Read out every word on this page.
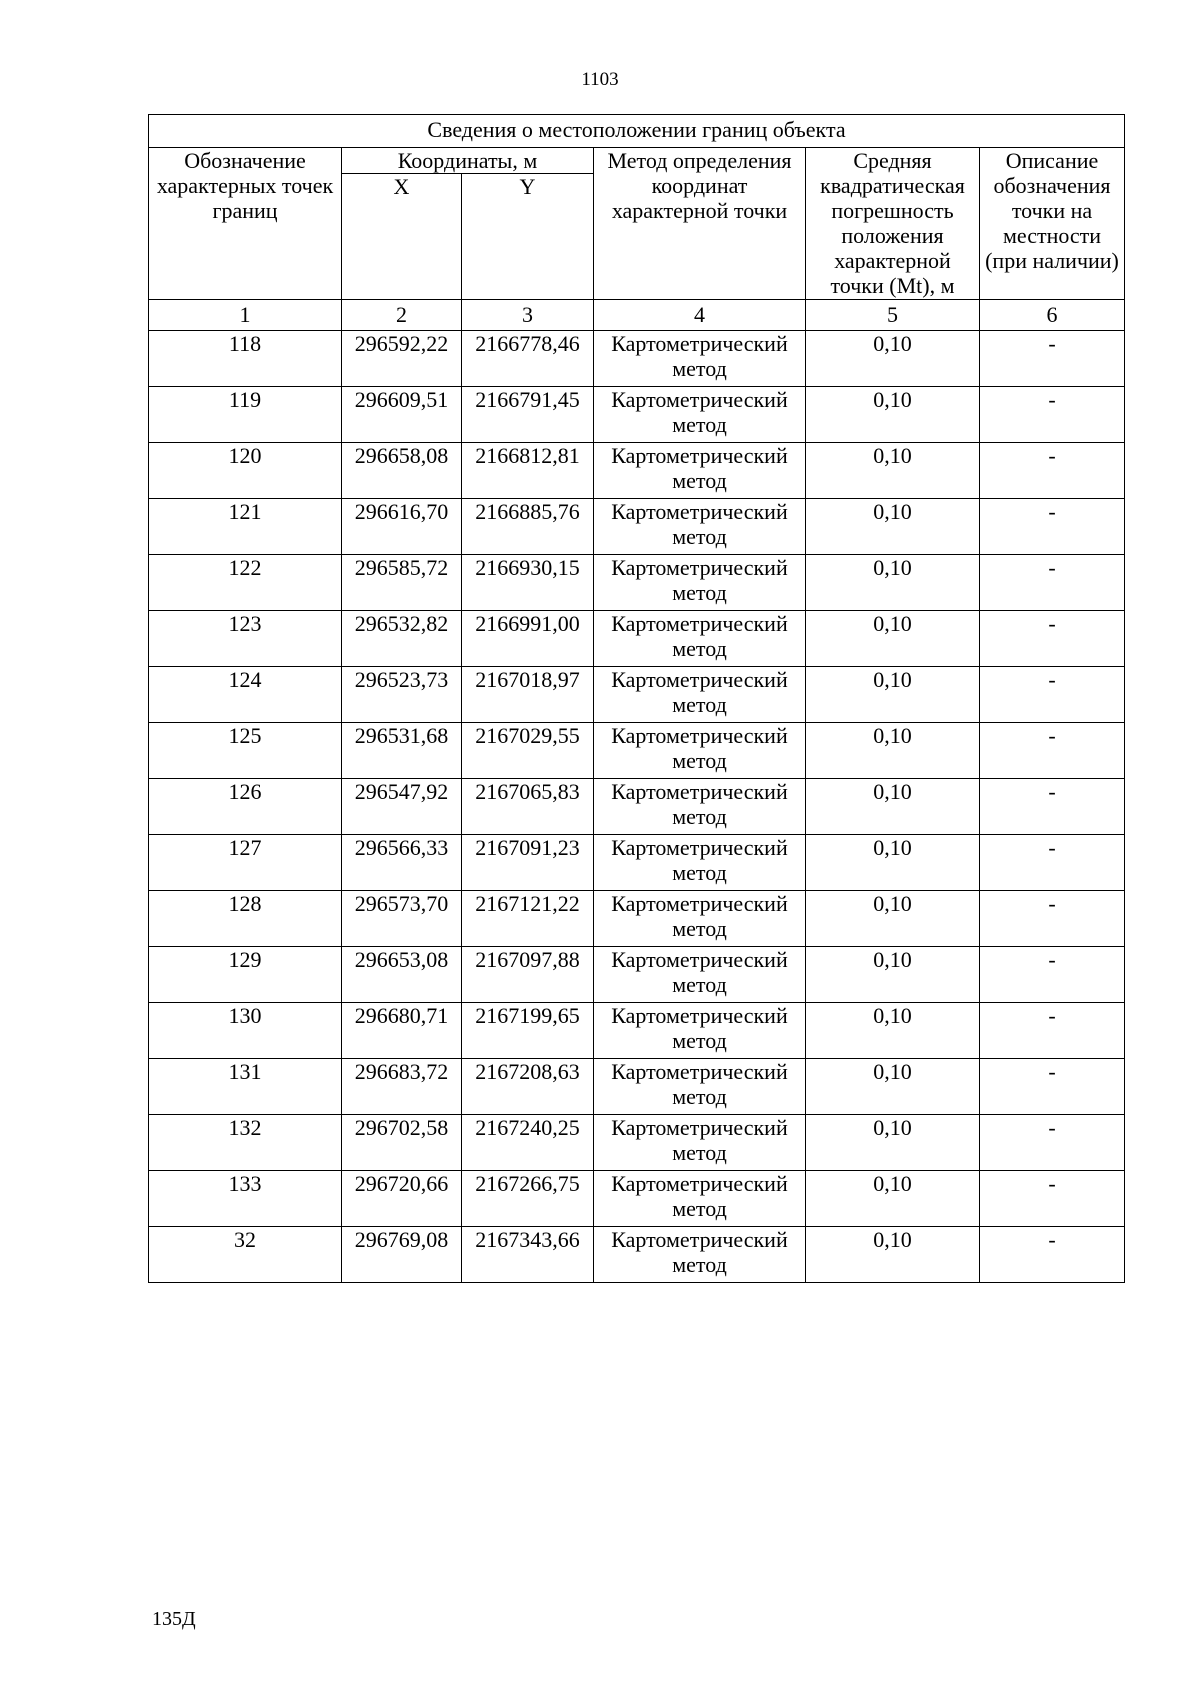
1103
Сведения о местоположении границ объекта					
Обозначение характерных точек границ	Координаты, м		Метод определения координат характерной точки	Средняя квадратическая погрешность положения характерной точки (Mt), м	Описание обозначения точки на местности (при наличии)
	X	Y			
1	2	3	4	5	6
118	296592,22	2166778,46	Картометрический метод	0,10	-
119	296609,51	2166791,45	Картометрический метод	0,10	-
120	296658,08	2166812,81	Картометрический метод	0,10	-
121	296616,70	2166885,76	Картометрический метод	0,10	-
122	296585,72	2166930,15	Картометрический метод	0,10	-
123	296532,82	2166991,00	Картометрический метод	0,10	-
124	296523,73	2167018,97	Картометрический метод	0,10	-
125	296531,68	2167029,55	Картометрический метод	0,10	-
126	296547,92	2167065,83	Картометрический метод	0,10	-
127	296566,33	2167091,23	Картометрический метод	0,10	-
128	296573,70	2167121,22	Картометрический метод	0,10	-
129	296653,08	2167097,88	Картометрический метод	0,10	-
130	296680,71	2167199,65	Картометрический метод	0,10	-
131	296683,72	2167208,63	Картометрический метод	0,10	-
132	296702,58	2167240,25	Картометрический метод	0,10	-
133	296720,66	2167266,75	Картометрический метод	0,10	-
32	296769,08	2167343,66	Картометрический метод	0,10	-
135Д
